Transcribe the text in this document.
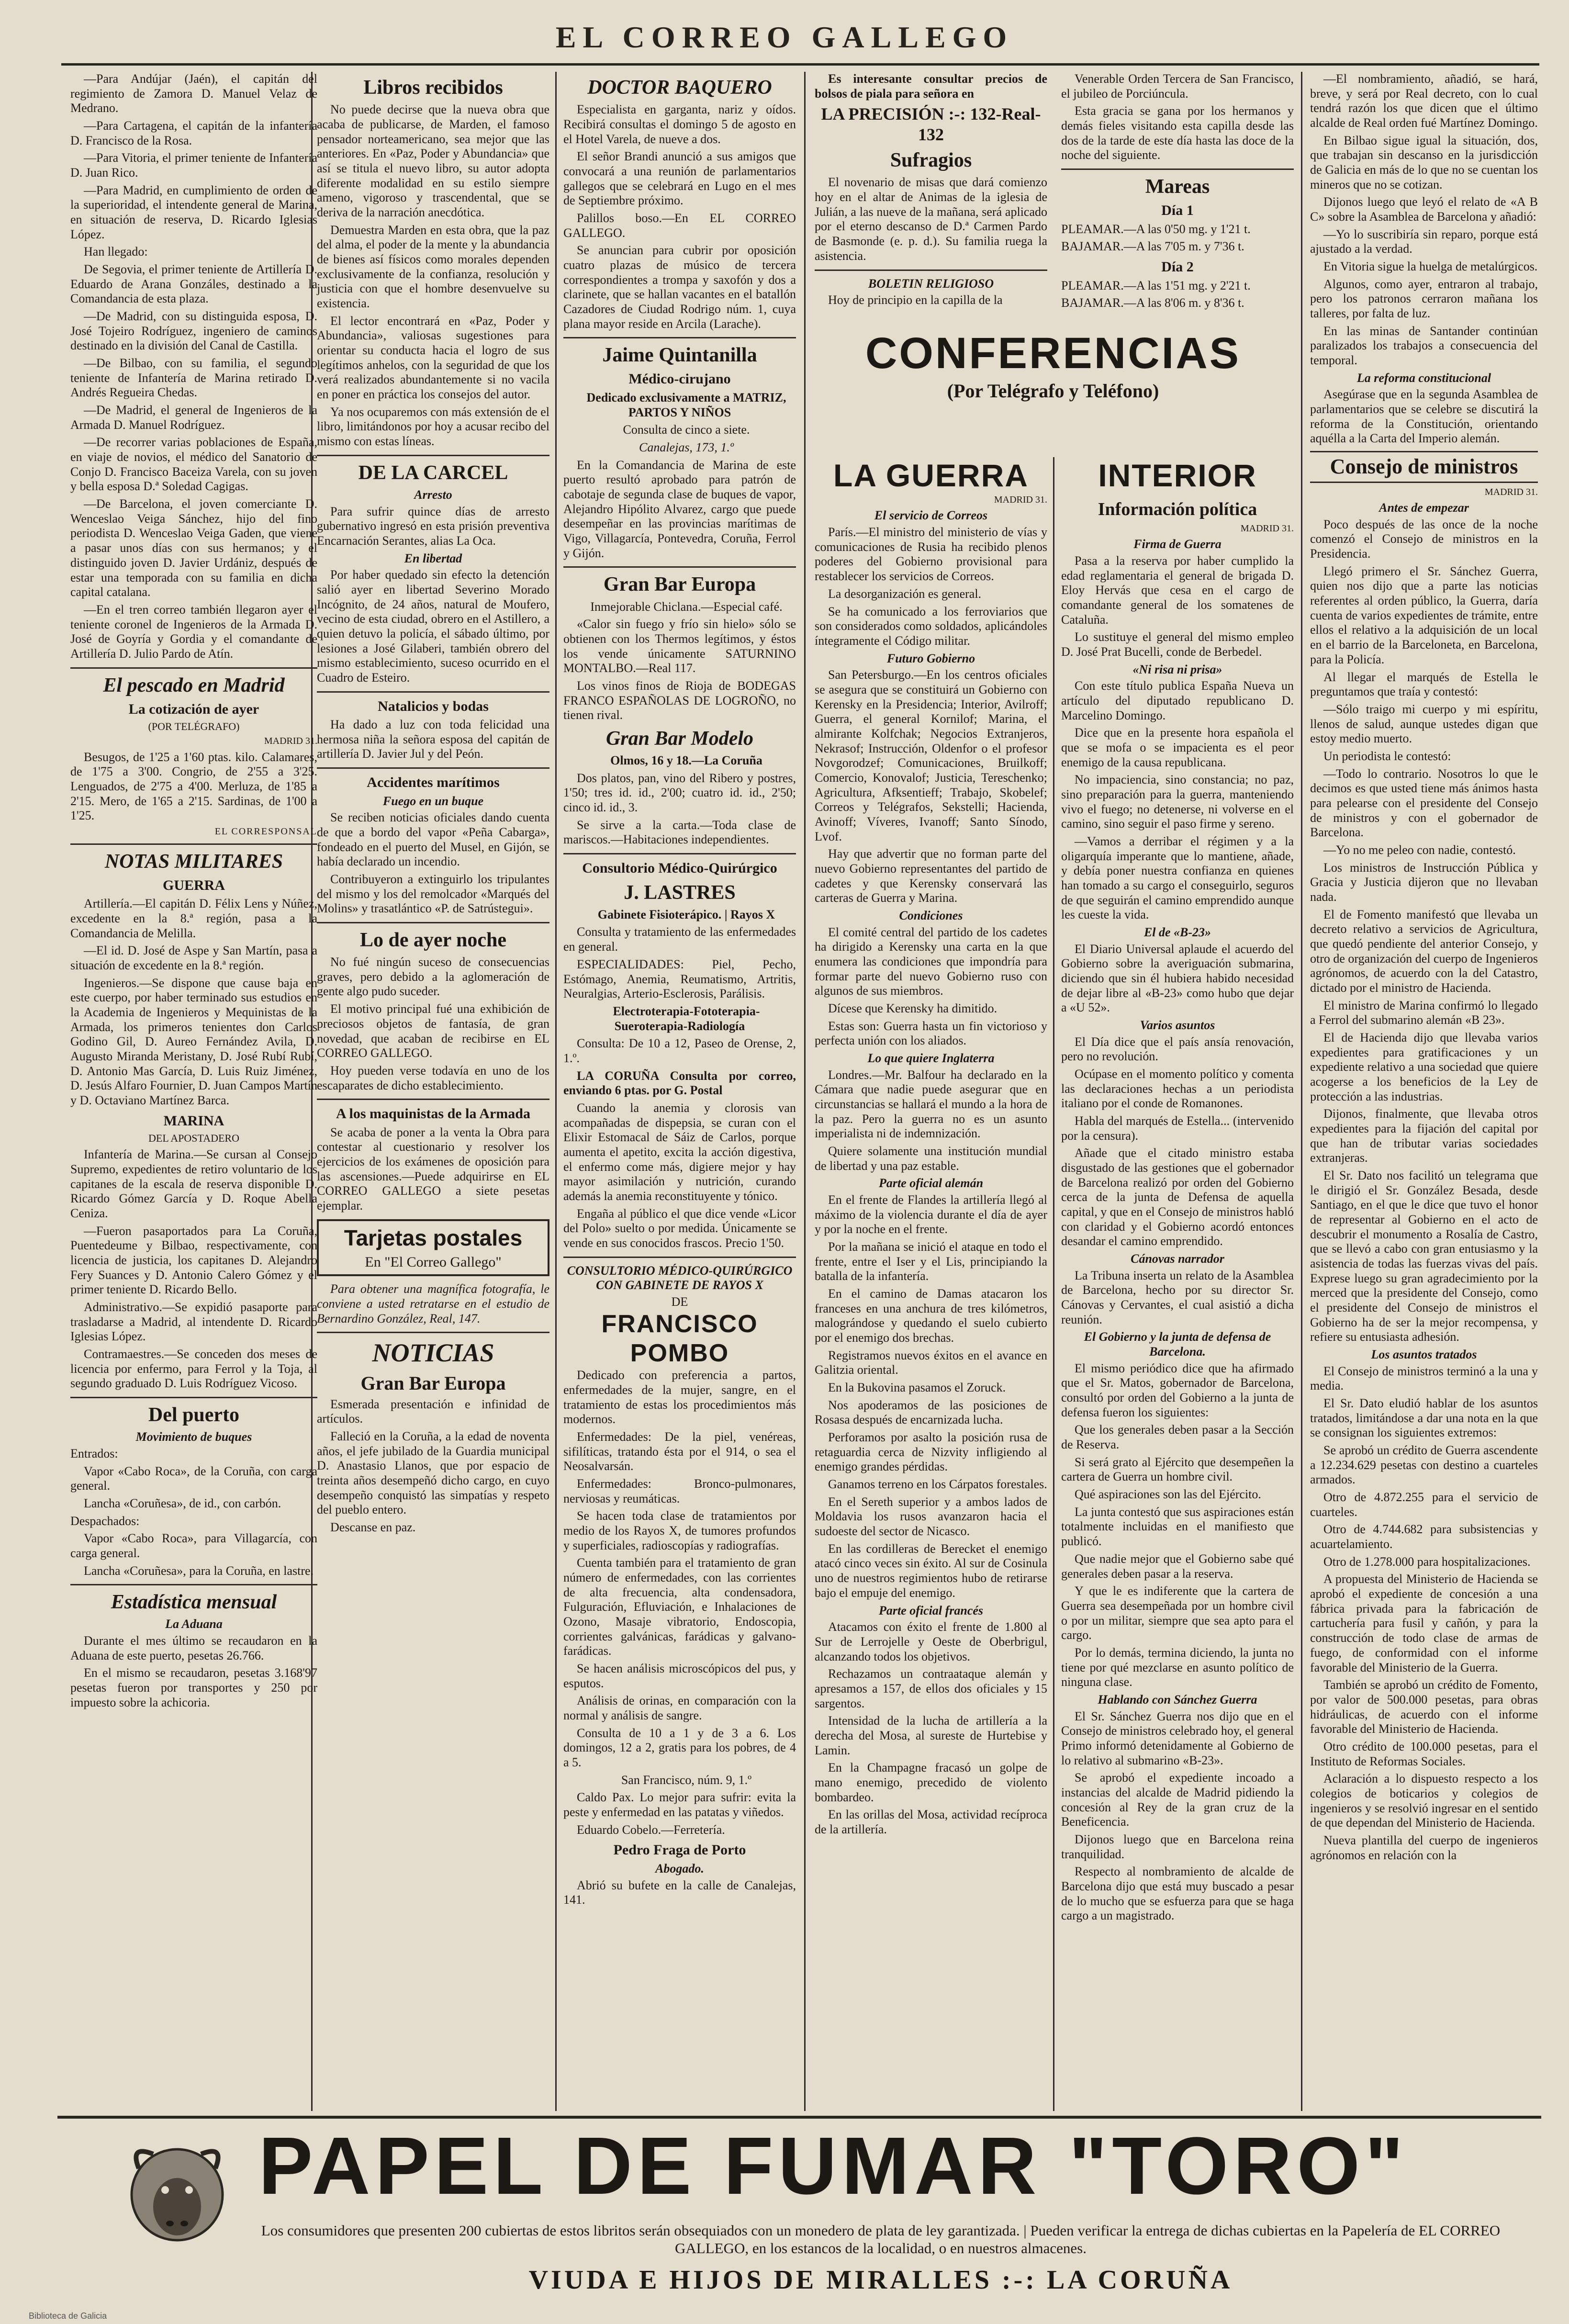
EL CORREO GALLEGO

—Para Andújar (Jaén), el capitán del regimiento de Zamora D. Manuel Velaz de Medrano.

—Para Cartagena, el capitán de la infantería D. Francisco de la Rosa.

—Para Vitoria, el primer teniente de Infantería D. Juan Rico.

—Para Madrid, en cumplimiento de orden de la superioridad, el intendente general de Marina, en situación de reserva, D. Ricardo Iglesias López.

Han llegado:

De Segovia, el primer teniente de Artillería D. Eduardo de Arana Gonzáles, destinado a la Comandancia de esta plaza.

—De Madrid, con su distinguida esposa, D. José Tojeiro Rodríguez, ingeniero de caminos destinado en la división del Canal de Castilla.

—De Bilbao, con su familia, el segundo teniente de Infantería de Marina retirado D. Andrés Regueira Chedas.

—De Madrid, el general de Ingenieros de la Armada D. Manuel Rodríguez.

—De recorrer varias poblaciones de España, en viaje de novios, el médico del Sanatorio de Conjo D. Francisco Baceiza Varela, con su joven y bella esposa D.ª Soledad Cagigas.

—De Barcelona, el joven comerciante D. Wenceslao Veiga Sánchez, hijo del fino periodista D. Wenceslao Veiga Gaden, que viene a pasar unos días con sus hermanos; y el distinguido joven D. Javier Urdániz, después de estar una temporada con su familia en dicha capital catalana.

—En el tren correo también llegaron ayer el teniente coronel de Ingenieros de la Armada D. José de Goyría y Gordia y el comandante de Artillería D. Julio Pardo de Atín.

El pescado en Madrid
La cotización de ayer
(POR TELÉGRAFO)
MADRID 31.

Besugos, de 1'25 a 1'60 ptas. kilo. Calamares, de 1'75 a 3'00. Congrio, de 2'55 a 3'25. Lenguados, de 2'75 a 4'00. Merluza, de 1'85 a 2'15. Mero, de 1'65 a 2'15. Sardinas, de 1'00 a 1'25.

EL CORRESPONSAL
NOTAS MILITARES
GUERRA

Artillería.—El capitán D. Félix Lens y Núñez, excedente en la 8.ª región, pasa a la Comandancia de Melilla.

—El id. D. José de Aspe y San Martín, pasa a situación de excedente en la 8.ª región.

Ingenieros.—Se dispone que cause baja en este cuerpo, por haber terminado sus estudios en la Academia de Ingenieros y Mequinistas de la Armada, los primeros tenientes don Carlos Godino Gil, D. Aureo Fernández Avila, D. Augusto Miranda Meristany, D. José Rubí Rubí, D. Antonio Mas García, D. Luis Ruiz Jiménez, D. Jesús Alfaro Fournier, D. Juan Campos Martín y D. Octaviano Martínez Barca.

MARINA
DEL APOSTADERO

Infantería de Marina.—Se cursan al Consejo Supremo, expedientes de retiro voluntario de los capitanes de la escala de reserva disponible D. Ricardo Gómez García y D. Roque Abella Ceniza.

—Fueron pasaportados para La Coruña, Puentedeume y Bilbao, respectivamente, con licencia de justicia, los capitanes D. Alejandro Fery Suances y D. Antonio Calero Gómez y el primer teniente D. Ricardo Bello.

Administrativo.—Se expidió pasaporte para trasladarse a Madrid, al intendente D. Ricardo Iglesias López.

Contramaestres.—Se conceden dos meses de licencia por enfermo, para Ferrol y la Toja, al segundo graduado D. Luis Rodríguez Vicoso.

Del puerto
Movimiento de buques

Entrados:

Vapor «Cabo Roca», de la Coruña, con carga general.

Lancha «Coruñesa», de id., con carbón.

Despachados:

Vapor «Cabo Roca», para Villagarcía, con carga general.

Lancha «Coruñesa», para la Coruña, en lastre.

Estadística mensual
La Aduana

Durante el mes último se recaudaron en la Aduana de este puerto, pesetas 26.766.

En el mismo se recaudaron, pesetas 3.168'97 pesetas fueron por transportes y 250 por impuesto sobre la achicoria.

Libros recibidos

No puede decirse que la nueva obra que acaba de publicarse, de Marden, el famoso pensador norteamericano, sea mejor que las anteriores. En «Paz, Poder y Abundancia» que así se titula el nuevo libro, su autor adopta diferente modalidad en su estilo siempre ameno, vigoroso y trascendental, que se deriva de la narración anecdótica.

Demuestra Marden en esta obra, que la paz del alma, el poder de la mente y la abundancia de bienes así físicos como morales dependen exclusivamente de la confianza, resolución y justicia con que el hombre desenvuelve su existencia.

El lector encontrará en «Paz, Poder y Abundancia», valiosas sugestiones para orientar su conducta hacia el logro de sus legítimos anhelos, con la seguridad de que los verá realizados abundantemente si no vacila en poner en práctica los consejos del autor.

Ya nos ocuparemos con más extensión de el libro, limitándonos por hoy a acusar recibo del mismo con estas líneas.

DE LA CARCEL
Arresto

Para sufrir quince días de arresto gubernativo ingresó en esta prisión preventiva Encarnación Serantes, alias La Oca.

En libertad

Por haber quedado sin efecto la detención salió ayer en libertad Severino Morado Incógnito, de 24 años, natural de Moufero, vecino de esta ciudad, obrero en el Astillero, a quien detuvo la policía, el sábado último, por lesiones a José Gilaberi, también obrero del mismo establecimiento, suceso ocurrido en el Cuadro de Esteiro.

Natalicios y bodas

Ha dado a luz con toda felicidad una hermosa niña la señora esposa del capitán de artillería D. Javier Jul y del Peón.

Accidentes marítimos
Fuego en un buque

Se reciben noticias oficiales dando cuenta de que a bordo del vapor «Peña Cabarga», fondeado en el puerto del Musel, en Gijón, se había declarado un incendio.

Contribuyeron a extinguirlo los tripulantes del mismo y los del remolcador «Marqués del Molins» y trasatlántico «P. de Satrústegui».

Lo de ayer noche

No fué ningún suceso de consecuencias graves, pero debido a la aglomeración de gente algo pudo suceder.

El motivo principal fué una exhibición de preciosos objetos de fantasía, de gran novedad, que acaban de recibirse en EL CORREO GALLEGO.

Hoy pueden verse todavía en uno de los escaparates de dicho establecimiento.

A los maquinistas de la Armada

Se acaba de poner a la venta la Obra para contestar al cuestionario y resolver los ejercicios de los exámenes de oposición para las ascensiones.—Puede adquirirse en EL CORREO GALLEGO a siete pesetas ejemplar.

Tarjetas postales
En "El Correo Gallego"

Para obtener una magnífica fotografía, le conviene a usted retratarse en el estudio de Bernardino González, Real, 147.

NOTICIAS
Gran Bar Europa

Esmerada presentación e infinidad de artículos.

Falleció en la Coruña, a la edad de noventa años, el jefe jubilado de la Guardia municipal D. Anastasio Llanos, que por espacio de treinta años desempeñó dicho cargo, en cuyo desempeño conquistó las simpatías y respeto del pueblo entero.

Descanse en paz.

DOCTOR BAQUERO

Especialista en garganta, nariz y oídos. Recibirá consultas el domingo 5 de agosto en el Hotel Varela, de nueve a dos.

El señor Brandi anunció a sus amigos que convocará a una reunión de parlamentarios gallegos que se celebrará en Lugo en el mes de Septiembre próximo.

Palillos boso.—En EL CORREO GALLEGO.

Se anuncian para cubrir por oposición cuatro plazas de músico de tercera correspondientes a trompa y saxofón y dos a clarinete, que se hallan vacantes en el batallón Cazadores de Ciudad Rodrigo núm. 1, cuya plana mayor reside en Arcila (Larache).

Jaime Quintanilla
Médico-cirujano

Dedicado exclusivamente a MATRIZ, PARTOS Y NIÑOS

Consulta de cinco a siete.

Canalejas, 173, 1.º

En la Comandancia de Marina de este puerto resultó aprobado para patrón de cabotaje de segunda clase de buques de vapor, Alejandro Hipólito Alvarez, cargo que puede desempeñar en las provincias marítimas de Vigo, Villagarcía, Pontevedra, Coruña, Ferrol y Gijón.

Gran Bar Europa

Inmejorable Chiclana.—Especial café.

«Calor sin fuego y frío sin hielo» sólo se obtienen con los Thermos legítimos, y éstos los vende únicamente SATURNINO MONTALBO.—Real 117.

Los vinos finos de Rioja de BODEGAS FRANCO ESPAÑOLAS DE LOGROÑO, no tienen rival.

Gran Bar Modelo

Olmos, 16 y 18.—La Coruña

Dos platos, pan, vino del Ribero y postres, 1'50; tres id. id., 2'00; cuatro id. id., 2'50; cinco id. id., 3.

Se sirve a la carta.—Toda clase de mariscos.—Habitaciones independientes.

Consultorio Médico-Quirúrgico
J. LASTRES

Gabinete Fisioterápico. | Rayos X

Consulta y tratamiento de las enfermedades en general.

ESPECIALIDADES: Piel, Pecho, Estómago, Anemia, Reumatismo, Artritis, Neuralgias, Arterio-Esclerosis, Parálisis.

Electroterapia-Fototerapia-Sueroterapia-Radiología

Consulta: De 10 a 12, Paseo de Orense, 2, 1.º.

LA CORUÑA Consulta por correo, enviando 6 ptas. por G. Postal

Cuando la anemia y clorosis van acompañadas de dispepsia, se curan con el Elixir Estomacal de Sáiz de Carlos, porque aumenta el apetito, excita la acción digestiva, el enfermo come más, digiere mejor y hay mayor asimilación y nutrición, curando además la anemia reconstituyente y tónico.

Engaña al público el que dice vende «Licor del Polo» suelto o por medida. Únicamente se vende en sus conocidos frascos. Precio 1'50.

CONSULTORIO MÉDICO-QUIRÚRGICO CON GABINETE DE RAYOS X
DE
FRANCISCO POMBO

Dedicado con preferencia a partos, enfermedades de la mujer, sangre, en el tratamiento de estas los procedimientos más modernos.

Enfermedades: De la piel, venéreas, sifilíticas, tratando ésta por el 914, o sea el Neosalvarsán.

Enfermedades: Bronco-pulmonares, nerviosas y reumáticas.

Se hacen toda clase de tratamientos por medio de los Rayos X, de tumores profundos y superficiales, radioscopías y radiografías.

Cuenta también para el tratamiento de gran número de enfermedades, con las corrientes de alta frecuencia, alta condensadora, Fulguración, Efluviación, e Inhalaciones de Ozono, Masaje vibratorio, Endoscopia, corrientes galvánicas, farádicas y galvano-farádicas.

Se hacen análisis microscópicos del pus, y esputos.

Análisis de orinas, en comparación con la normal y análisis de sangre.

Consulta de 10 a 1 y de 3 a 6. Los domingos, 12 a 2, gratis para los pobres, de 4 a 5.

San Francisco, núm. 9, 1.º

Caldo Pax. Lo mejor para sufrir: evita la peste y enfermedad en las patatas y viñedos.

Eduardo Cobelo.—Ferretería.

Pedro Fraga de Porto
Abogado.

Abrió su bufete en la calle de Canalejas, 141.

Es interesante consultar precios de bolsos de piala para señora en

LA PRECISIÓN :-: 132-Real-132

Sufragios

El novenario de misas que dará comienzo hoy en el altar de Animas de la iglesia de Julián, a las nueve de la mañana, será aplicado por el eterno descanso de D.ª Carmen Pardo de Basmonde (e. p. d.). Su familia ruega la asistencia.

BOLETIN RELIGIOSO

Hoy de principio en la capilla de la

Venerable Orden Tercera de San Francisco, el jubileo de Porciúncula.

Esta gracia se gana por los hermanos y demás fieles visitando esta capilla desde las dos de la tarde de este día hasta las doce de la noche del siguiente.

Mareas
Día 1

PLEAMAR.—A las 0'50 mg. y 1'21 t.

BAJAMAR.—A las 7'05 m. y 7'36 t.

Día 2

PLEAMAR.—A las 1'51 mg. y 2'21 t.

BAJAMAR.—A las 8'06 m. y 8'36 t.

CONFERENCIAS
(Por Telégrafo y Teléfono)
LA GUERRA
MADRID 31.
El servicio de Correos

París.—El ministro del ministerio de vías y comunicaciones de Rusia ha recibido plenos poderes del Gobierno provisional para restablecer los servicios de Correos.

La desorganización es general.

Se ha comunicado a los ferroviarios que son considerados como soldados, aplicándoles íntegramente el Código militar.

Futuro Gobierno

San Petersburgo.—En los centros oficiales se asegura que se constituirá un Gobierno con Kerensky en la Presidencia; Interior, Avilroff; Guerra, el general Kornilof; Marina, el almirante Kolfchak; Negocios Extranjeros, Nekrasof; Instrucción, Oldenfor o el profesor Novgorodzef; Comunicaciones, Bruilkoff; Comercio, Konovalof; Justicia, Tereschenko; Agricultura, Afksentieff; Trabajo, Skobelef; Correos y Telégrafos, Sekstelli; Hacienda, Avinoff; Víveres, Ivanoff; Santo Sínodo, Lvof.

Hay que advertir que no forman parte del nuevo Gobierno representantes del partido de cadetes y que Kerensky conservará las carteras de Guerra y Marina.

Condiciones

El comité central del partido de los cadetes ha dirigido a Kerensky una carta en la que enumera las condiciones que impondría para formar parte del nuevo Gobierno ruso con algunos de sus miembros.

Dícese que Kerensky ha dimitido.

Estas son: Guerra hasta un fin victorioso y perfecta unión con los aliados.

Lo que quiere Inglaterra

Londres.—Mr. Balfour ha declarado en la Cámara que nadie puede asegurar que en circunstancias se hallará el mundo a la hora de la paz. Pero la guerra no es un asunto imperialista ni de indemnización.

Quiere solamente una institución mundial de libertad y una paz estable.

Parte oficial alemán

En el frente de Flandes la artillería llegó al máximo de la violencia durante el día de ayer y por la noche en el frente.

Por la mañana se inició el ataque en todo el frente, entre el Iser y el Lis, principiando la batalla de la infantería.

En el camino de Damas atacaron los franceses en una anchura de tres kilómetros, malográndose y quedando el suelo cubierto por el enemigo dos brechas.

Registramos nuevos éxitos en el avance en Galitzia oriental.

En la Bukovina pasamos el Zoruck.

Nos apoderamos de las posiciones de Rosasa después de encarnizada lucha.

Perforamos por asalto la posición rusa de retaguardia cerca de Nizvity infligiendo al enemigo grandes pérdidas.

Ganamos terreno en los Cárpatos forestales.

En el Sereth superior y a ambos lados de Moldavia los rusos avanzaron hacia el sudoeste del sector de Nicasco.

En las cordilleras de Berecket el enemigo atacó cinco veces sin éxito. Al sur de Cosinula uno de nuestros regimientos hubo de retirarse bajo el empuje del enemigo.

Parte oficial francés

Atacamos con éxito el frente de 1.800 al Sur de Lerrojelle y Oeste de Oberbrigul, alcanzando todos los objetivos.

Rechazamos un contraataque alemán y apresamos a 157, de ellos dos oficiales y 15 sargentos.

Intensidad de la lucha de artillería a la derecha del Mosa, al sureste de Hurtebise y Lamin.

En la Champagne fracasó un golpe de mano enemigo, precedido de violento bombardeo.

En las orillas del Mosa, actividad recíproca de la artillería.

INTERIOR
Información política
MADRID 31.
Firma de Guerra

Pasa a la reserva por haber cumplido la edad reglamentaria el general de brigada D. Eloy Hervás que cesa en el cargo de comandante general de los somatenes de Cataluña.

Lo sustituye el general del mismo empleo D. José Prat Bucelli, conde de Berbedel.

«Ni risa ni prisa»

Con este título publica España Nueva un artículo del diputado republicano D. Marcelino Domingo.

Dice que en la presente hora española el que se mofa o se impacienta es el peor enemigo de la causa republicana.

No impaciencia, sino constancia; no paz, sino preparación para la guerra, manteniendo vivo el fuego; no detenerse, ni volverse en el camino, sino seguir el paso firme y sereno.

—Vamos a derribar el régimen y a la oligarquía imperante que lo mantiene, añade, y debía poner nuestra confianza en quienes han tomado a su cargo el conseguirlo, seguros de que seguirán el camino emprendido aunque les cueste la vida.

El de «B-23»

El Diario Universal aplaude el acuerdo del Gobierno sobre la averiguación submarina, diciendo que sin él hubiera habido necesidad de dejar libre al «B-23» como hubo que dejar a «U 52».

Varios asuntos

El Día dice que el país ansía renovación, pero no revolución.

Ocúpase en el momento político y comenta las declaraciones hechas a un periodista italiano por el conde de Romanones.

Habla del marqués de Estella... (intervenido por la censura).

Añade que el citado ministro estaba disgustado de las gestiones que el gobernador de Barcelona realizó por orden del Gobierno cerca de la junta de Defensa de aquella capital, y que en el Consejo de ministros habló con claridad y el Gobierno acordó entonces desandar el camino emprendido.

Cánovas narrador

La Tribuna inserta un relato de la Asamblea de Barcelona, hecho por su director Sr. Cánovas y Cervantes, el cual asistió a dicha reunión.

El Gobierno y la junta de defensa de Barcelona.

El mismo periódico dice que ha afirmado que el Sr. Matos, gobernador de Barcelona, consultó por orden del Gobierno a la junta de defensa fueron los siguientes:

Que los generales deben pasar a la Sección de Reserva.

Si será grato al Ejército que desempeñen la cartera de Guerra un hombre civil.

Qué aspiraciones son las del Ejército.

La junta contestó que sus aspiraciones están totalmente incluidas en el manifiesto que publicó.

Que nadie mejor que el Gobierno sabe qué generales deben pasar a la reserva.

Y que le es indiferente que la cartera de Guerra sea desempeñada por un hombre civil o por un militar, siempre que sea apto para el cargo.

Por lo demás, termina diciendo, la junta no tiene por qué mezclarse en asunto político de ninguna clase.

Hablando con Sánchez Guerra

El Sr. Sánchez Guerra nos dijo que en el Consejo de ministros celebrado hoy, el general Primo informó detenidamente al Gobierno de lo relativo al submarino «B-23».

Se aprobó el expediente incoado a instancias del alcalde de Madrid pidiendo la concesión al Rey de la gran cruz de la Beneficencia.

Dijonos luego que en Barcelona reina tranquilidad.

Respecto al nombramiento de alcalde de Barcelona dijo que está muy buscado a pesar de lo mucho que se esfuerza para que se haga cargo a un magistrado.

—El nombramiento, añadió, se hará, breve, y será por Real decreto, con lo cual tendrá razón los que dicen que el último alcalde de Real orden fué Martínez Domingo.

En Bilbao sigue igual la situación, dos, que trabajan sin descanso en la jurisdicción de Galicia en más de lo que no se cuentan los mineros que no se cotizan.

Dijonos luego que leyó el relato de «A B C» sobre la Asamblea de Barcelona y añadió:

—Yo lo suscribiría sin reparo, porque está ajustado a la verdad.

En Vitoria sigue la huelga de metalúrgicos.

Algunos, como ayer, entraron al trabajo, pero los patronos cerraron mañana los talleres, por falta de luz.

En las minas de Santander continúan paralizados los trabajos a consecuencia del temporal.

La reforma constitucional

Asegúrase que en la segunda Asamblea de parlamentarios que se celebre se discutirá la reforma de la Constitución, orientando aquélla a la Carta del Imperio alemán.

Consejo de ministros
MADRID 31.
Antes de empezar

Poco después de las once de la noche comenzó el Consejo de ministros en la Presidencia.

Llegó primero el Sr. Sánchez Guerra, quien nos dijo que a parte las noticias referentes al orden público, la Guerra, daría cuenta de varios expedientes de trámite, entre ellos el relativo a la adquisición de un local en el barrio de la Barceloneta, en Barcelona, para la Policía.

Al llegar el marqués de Estella le preguntamos que traía y contestó:

—Sólo traigo mi cuerpo y mi espíritu, llenos de salud, aunque ustedes digan que estoy medio muerto.

Un periodista le contestó:

—Todo lo contrario. Nosotros lo que le decimos es que usted tiene más ánimos hasta para pelearse con el presidente del Consejo de ministros y con el gobernador de Barcelona.

—Yo no me peleo con nadie, contestó.

Los ministros de Instrucción Pública y Gracia y Justicia dijeron que no llevaban nada.

El de Fomento manifestó que llevaba un decreto relativo a servicios de Agricultura, que quedó pendiente del anterior Consejo, y otro de organización del cuerpo de Ingenieros agrónomos, de acuerdo con la del Catastro, dictado por el ministro de Hacienda.

El ministro de Marina confirmó lo llegado a Ferrol del submarino alemán «B 23».

El de Hacienda dijo que llevaba varios expedientes para gratificaciones y un expediente relativo a una sociedad que quiere acogerse a los beneficios de la Ley de protección a las industrias.

Dijonos, finalmente, que llevaba otros expedientes para la fijación del capital por que han de tributar varias sociedades extranjeras.

El Sr. Dato nos facilitó un telegrama que le dirigió el Sr. González Besada, desde Santiago, en el que le dice que tuvo el honor de representar al Gobierno en el acto de descubrir el monumento a Rosalía de Castro, que se llevó a cabo con gran entusiasmo y la asistencia de todas las fuerzas vivas del país. Exprese luego su gran agradecimiento por la merced que la presidente del Consejo, como el presidente del Consejo de ministros el Gobierno ha de ser la mejor recompensa, y refiere su entusiasta adhesión.

Los asuntos tratados

El Consejo de ministros terminó a la una y media.

El Sr. Dato eludió hablar de los asuntos tratados, limitándose a dar una nota en la que se consignan los siguientes extremos:

Se aprobó un crédito de Guerra ascendente a 12.234.629 pesetas con destino a cuarteles armados.

Otro de 4.872.255 para el servicio de cuarteles.

Otro de 4.744.682 para subsistencias y acuartelamiento.

Otro de 1.278.000 para hospitalizaciones.

A propuesta del Ministerio de Hacienda se aprobó el expediente de concesión a una fábrica privada para la fabricación de cartuchería para fusil y cañón, y para la construcción de todo clase de armas de fuego, de conformidad con el informe favorable del Ministerio de la Guerra.

También se aprobó un crédito de Fomento, por valor de 500.000 pesetas, para obras hidráulicas, de acuerdo con el informe favorable del Ministerio de Hacienda.

Otro crédito de 100.000 pesetas, para el Instituto de Reformas Sociales.

Aclaración a lo dispuesto respecto a los colegios de boticarios y colegios de ingenieros y se resolvió ingresar en el sentido de que dependan del Ministerio de Hacienda.

Nueva plantilla del cuerpo de ingenieros agrónomos en relación con la

PAPEL DE FUMAR "TORO"
Los consumidores que presenten 200 cubiertas de estos libritos serán obsequiados con un monedero de plata de ley garantizada. | Pueden verificar la entrega de dichas cubiertas en la Papelería de EL CORREO GALLEGO, en los estancos de la localidad, o en nuestros almacenes.
VIUDA E HIJOS DE MIRALLES :-: LA CORUÑA
Biblioteca de Galicia
